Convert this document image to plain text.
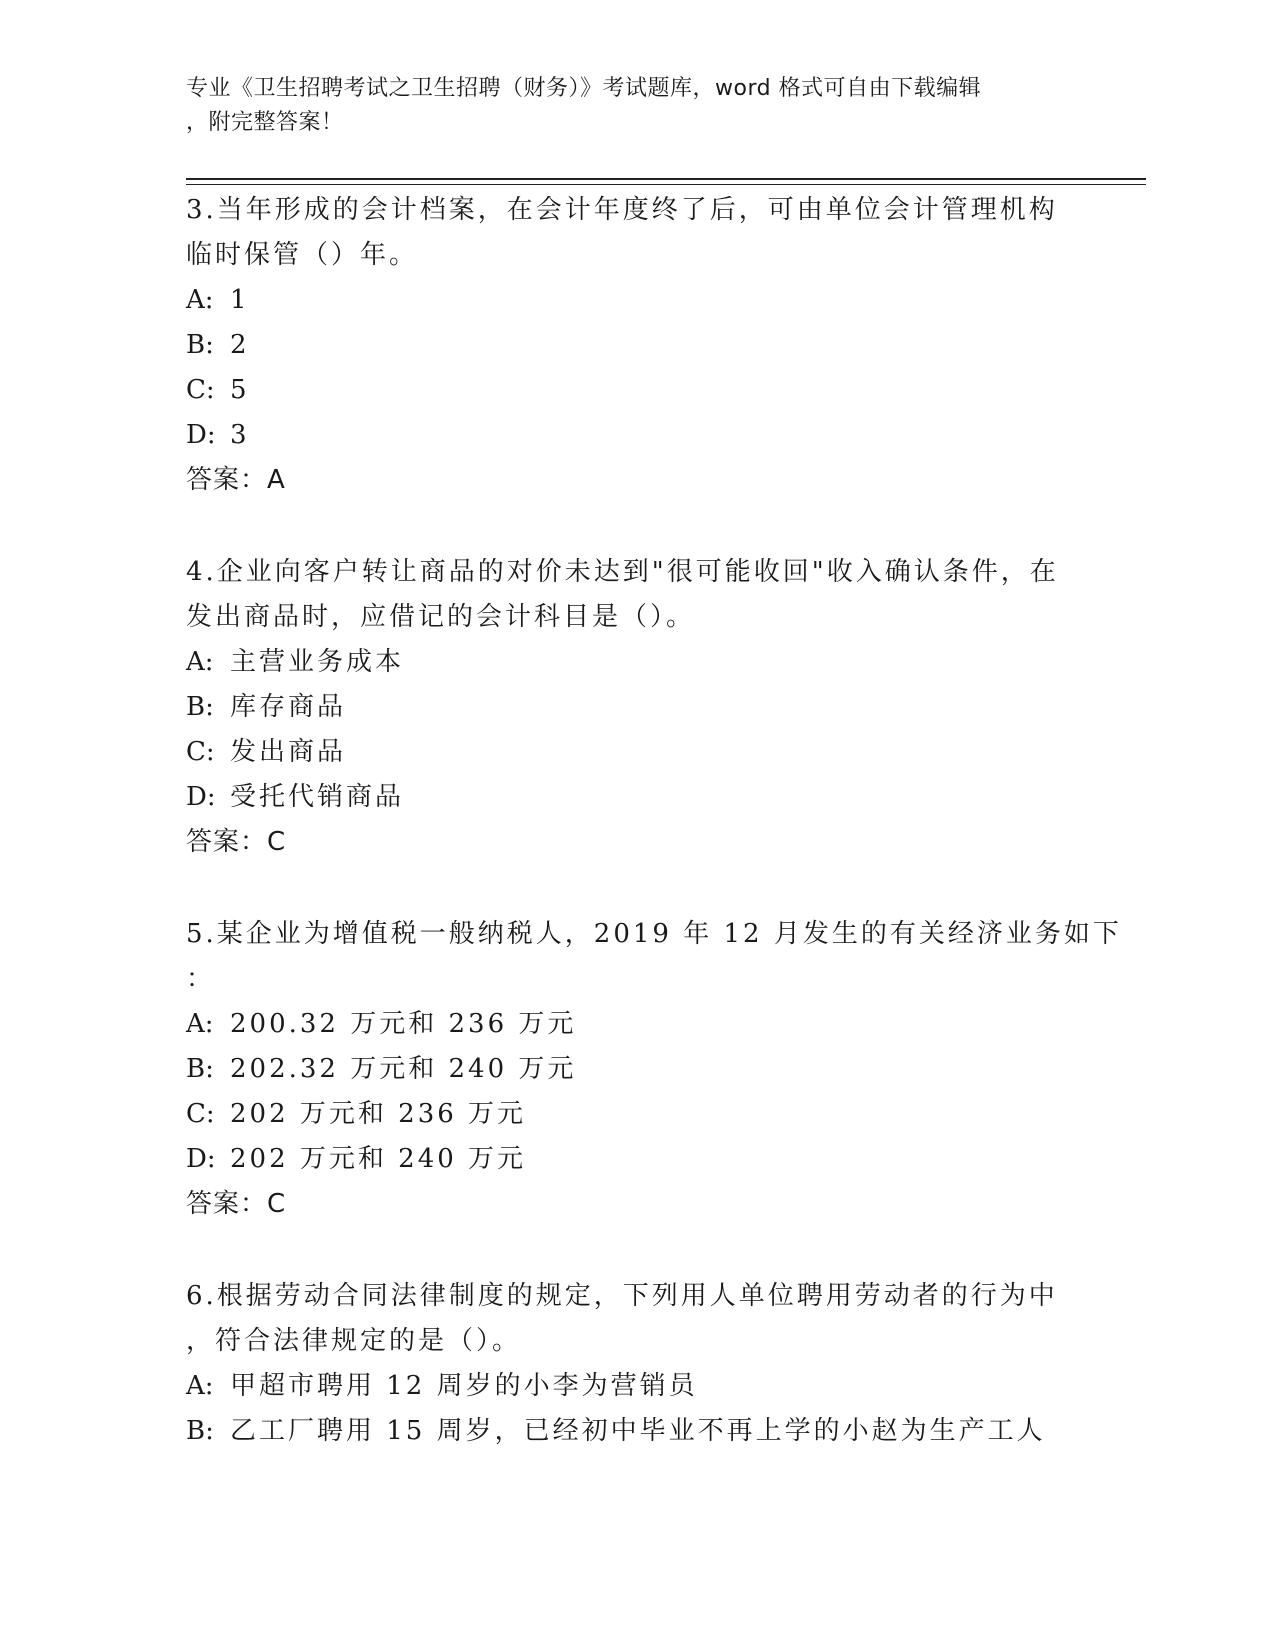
专业《卫生招聘考试之卫生招聘（财务）》考试题库，word 格式可自由下载编辑
，附完整答案！
3.当年形成的会计档案，在会计年度终了后，可由单位会计管理机构
临时保管（）年。
A: 1
B: 2
C: 5
D: 3
答案：A
4.企业向客户转让商品的对价未达到"很可能收回"收入确认条件，在
发出商品时，应借记的会计科目是（）。
A: 主营业务成本
B: 库存商品
C: 发出商品
D: 受托代销商品
答案：C
5.某企业为增值税一般纳税人，2019 年 12 月发生的有关经济业务如下
：
A: 200.32 万元和 236 万元
B: 202.32 万元和 240 万元
C: 202 万元和 236 万元
D: 202 万元和 240 万元
答案：C
6.根据劳动合同法律制度的规定，下列用人单位聘用劳动者的行为中
，符合法律规定的是（）。
A: 甲超市聘用 12 周岁的小李为营销员
B: 乙工厂聘用 15 周岁，已经初中毕业不再上学的小赵为生产工人
